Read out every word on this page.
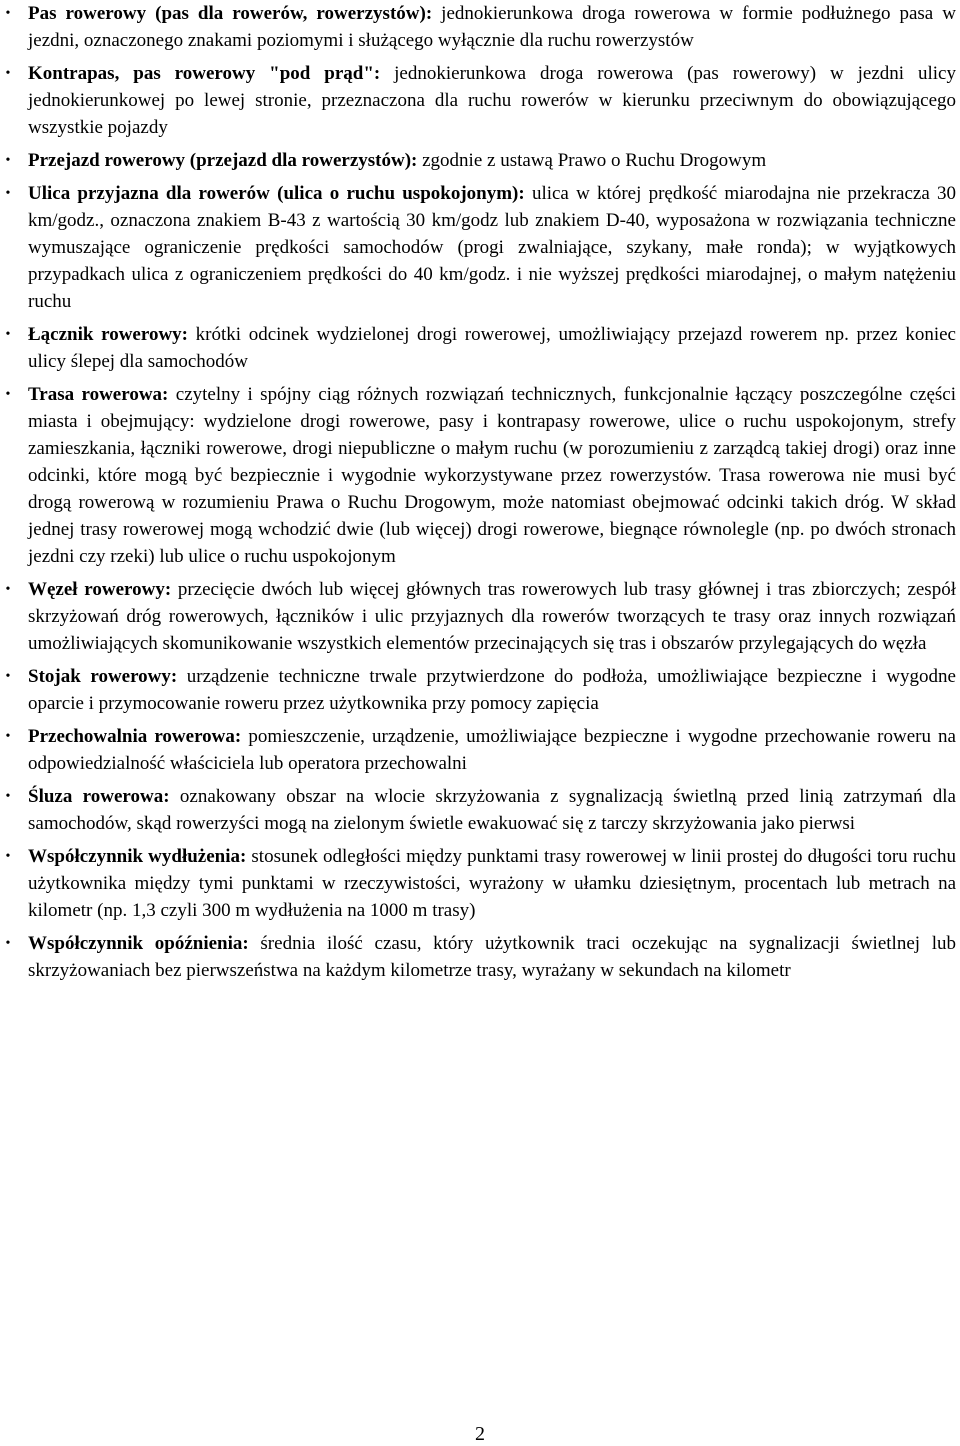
• Pas rowerowy (pas dla rowerów, rowerzystów): jednokierunkowa droga rowerowa w formie podłużnego pasa w jezdni, oznaczonego znakami poziomymi i służącego wyłącznie dla ruchu rowerzystów
• Kontrapas, pas rowerowy "pod prąd": jednokierunkowa droga rowerowa (pas rowerowy) w jezdni ulicy jednokierunkowej po lewej stronie, przeznaczona dla ruchu rowerów w kierunku przeciwnym do obowiązującego wszystkie pojazdy
• Przejazd rowerowy (przejazd dla rowerzystów): zgodnie z ustawą Prawo o Ruchu Drogowym
• Ulica przyjazna dla rowerów (ulica o ruchu uspokojonym): ulica w której prędkość miarodajna nie przekracza 30 km/godz., oznaczona znakiem B-43 z wartością 30 km/godz lub znakiem D-40, wyposażona w rozwiązania techniczne wymuszające ograniczenie prędkości samochodów (progi zwalniające, szykany, małe ronda); w wyjątkowych przypadkach ulica z ograniczeniem prędkości do 40 km/godz. i nie wyższej prędkości miarodajnej, o małym natężeniu ruchu
• Łącznik rowerowy: krótki odcinek wydzielonej drogi rowerowej, umożliwiający przejazd rowerem np. przez koniec ulicy ślepej dla samochodów
• Trasa rowerowa: czytelny i spójny ciąg różnych rozwiązań technicznych, funkcjonalnie łączący poszczególne części miasta i obejmujący: wydzielone drogi rowerowe, pasy i kontrapasy rowerowe, ulice o ruchu uspokojonym, strefy zamieszkania, łączniki rowerowe, drogi niepubliczne o małym ruchu (w porozumieniu z zarządcą takiej drogi) oraz inne odcinki, które mogą być bezpiecznie i wygodnie wykorzystywane przez rowerzystów. Trasa rowerowa nie musi być drogą rowerową w rozumieniu Prawa o Ruchu Drogowym, może natomiast obejmować odcinki takich dróg. W skład jednej trasy rowerowej mogą wchodzić dwie (lub więcej) drogi rowerowe, biegnące równolegle (np. po dwóch stronach jezdni czy rzeki) lub ulice o ruchu uspokojonym
• Węzeł rowerowy: przecięcie dwóch lub więcej głównych tras rowerowych lub trasy głównej i tras zbiorczych; zespół skrzyżowań dróg rowerowych, łączników i ulic przyjaznych dla rowerów tworzących te trasy oraz innych rozwiązań umożliwiających skomunikowanie wszystkich elementów przecinających się tras i obszarów przylegających do węzła
• Stojak rowerowy: urządzenie techniczne trwale przytwierdzone do podłoża, umożliwiające bezpieczne i wygodne oparcie i przymocowanie roweru przez użytkownika przy pomocy zapięcia
• Przechowalnia rowerowa: pomieszczenie, urządzenie, umożliwiające bezpieczne i wygodne przechowanie roweru na odpowiedzialność właściciela lub operatora przechowalni
• Śluza rowerowa: oznakowany obszar na wlocie skrzyżowania z sygnalizacją świetlną przed linią zatrzymań dla samochodów, skąd rowerzyści mogą na zielonym świetle ewakuować się z tarczy skrzyżowania jako pierwsi
• Współczynnik wydłużenia: stosunek odległości między punktami trasy rowerowej w linii prostej do długości toru ruchu użytkownika między tymi punktami w rzeczywistości, wyrażony w ułamku dziesiętnym, procentach lub metrach na kilometr (np. 1,3 czyli 300 m wydłużenia na 1000 m trasy)
• Współczynnik opóźnienia: średnia ilość czasu, który użytkownik traci oczekując na sygnalizacji świetlnej lub skrzyżowaniach bez pierwszeństwa na każdym kilometrze trasy, wyrażany w sekundach na kilometr
2
